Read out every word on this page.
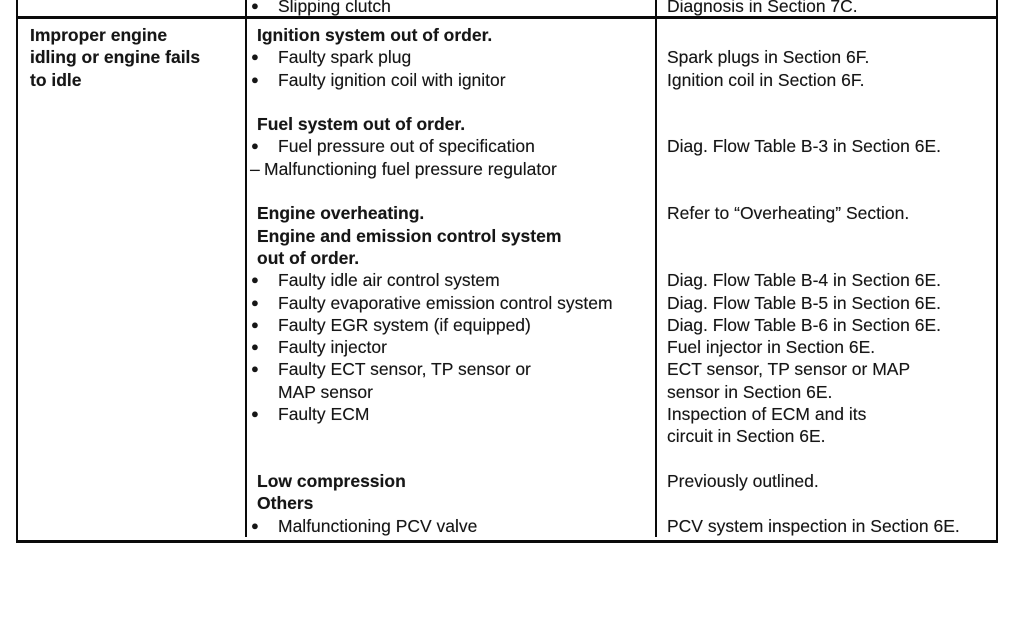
● Slipping clutch	Diagnosis in Section 7C.
Improper engine
idling or engine fails
to idle
Ignition system out of order.
● Faulty spark plug
● Faulty ignition coil with ignitor
Fuel system out of order.
● Fuel pressure out of specification
– Malfunctioning fuel pressure regulator
Engine overheating.
Engine and emission control system
out of order.
● Faulty idle air control system
● Faulty evaporative emission control system
● Faulty EGR system (if equipped)
● Faulty injector
● Faulty ECT sensor, TP sensor or
MAP sensor
● Faulty ECM
Low compression
Others
● Malfunctioning PCV valve
Spark plugs in Section 6F.
Ignition coil in Section 6F.
Diag. Flow Table B-3 in Section 6E.
Refer to “Overheating” Section.
Diag. Flow Table B-4 in Section 6E.
Diag. Flow Table B-5 in Section 6E.
Diag. Flow Table B-6 in Section 6E.
Fuel injector in Section 6E.
ECT sensor, TP sensor or MAP
sensor in Section 6E.
Inspection of ECM and its
circuit in Section 6E.
Previously outlined.
PCV system inspection in Section 6E.
